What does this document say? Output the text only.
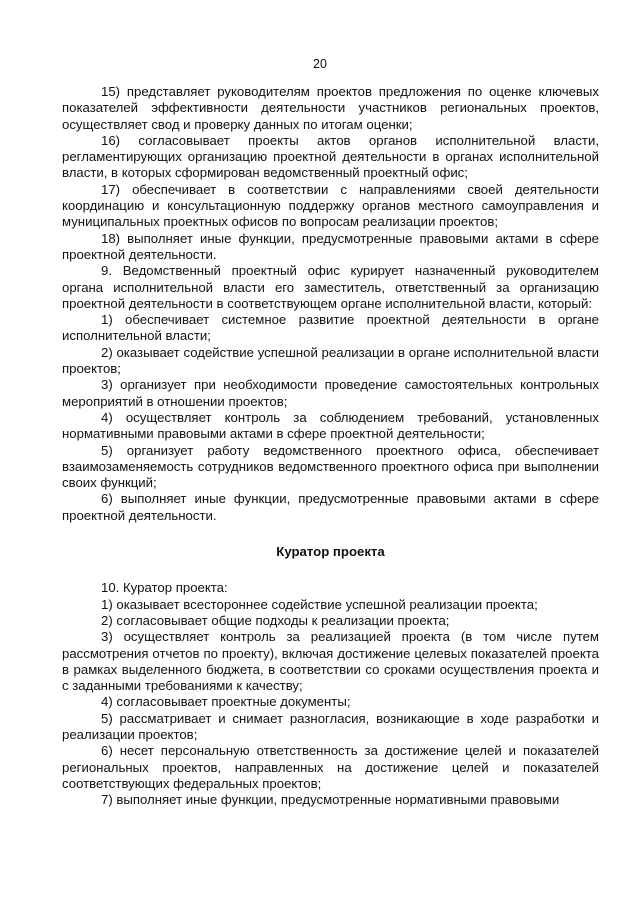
20

15) представляет руководителям проектов предложения по оценке ключевых показателей эффективности деятельности участников региональных проектов, осуществляет свод и проверку данных по итогам оценки;

16) согласовывает проекты актов органов исполнительной власти, регламентирующих организацию проектной деятельности в органах исполнительной власти, в которых сформирован ведомственный проектный офис;

17) обеспечивает в соответствии с направлениями своей деятельности координацию и консультационную поддержку органов местного самоуправления и муниципальных проектных офисов по вопросам реализации проектов;

18) выполняет иные функции, предусмотренные правовыми актами в сфере проектной деятельности.

9. Ведомственный проектный офис курирует назначенный руководителем органа исполнительной власти его заместитель, ответственный за организацию проектной деятельности в соответствующем органе исполнительной власти, который:

1) обеспечивает системное развитие проектной деятельности в органе исполнительной власти;

2) оказывает содействие успешной реализации в органе исполнительной власти проектов;

3) организует при необходимости проведение самостоятельных контрольных мероприятий в отношении проектов;

4) осуществляет контроль за соблюдением требований, установленных нормативными правовыми актами в сфере проектной деятельности;

5) организует работу ведомственного проектного офиса, обеспечивает взаимозаменяемость сотрудников ведомственного проектного офиса при выполнении своих функций;

6) выполняет иные функции, предусмотренные правовыми актами в сфере проектной деятельности.

Куратор проекта

10. Куратор проекта:

1) оказывает всестороннее содействие успешной реализации проекта;

2) согласовывает общие подходы к реализации проекта;

3) осуществляет контроль за реализацией проекта (в том числе путем рассмотрения отчетов по проекту), включая достижение целевых показателей проекта в рамках выделенного бюджета, в соответствии со сроками осуществления проекта и с заданными требованиями к качеству;

4) согласовывает проектные документы;

5) рассматривает и снимает разногласия, возникающие в ходе разработки и реализации проектов;

6) несет персональную ответственность за достижение целей и показателей региональных проектов, направленных на достижение целей и показателей соответствующих федеральных проектов;

7) выполняет иные функции, предусмотренные нормативными правовыми
